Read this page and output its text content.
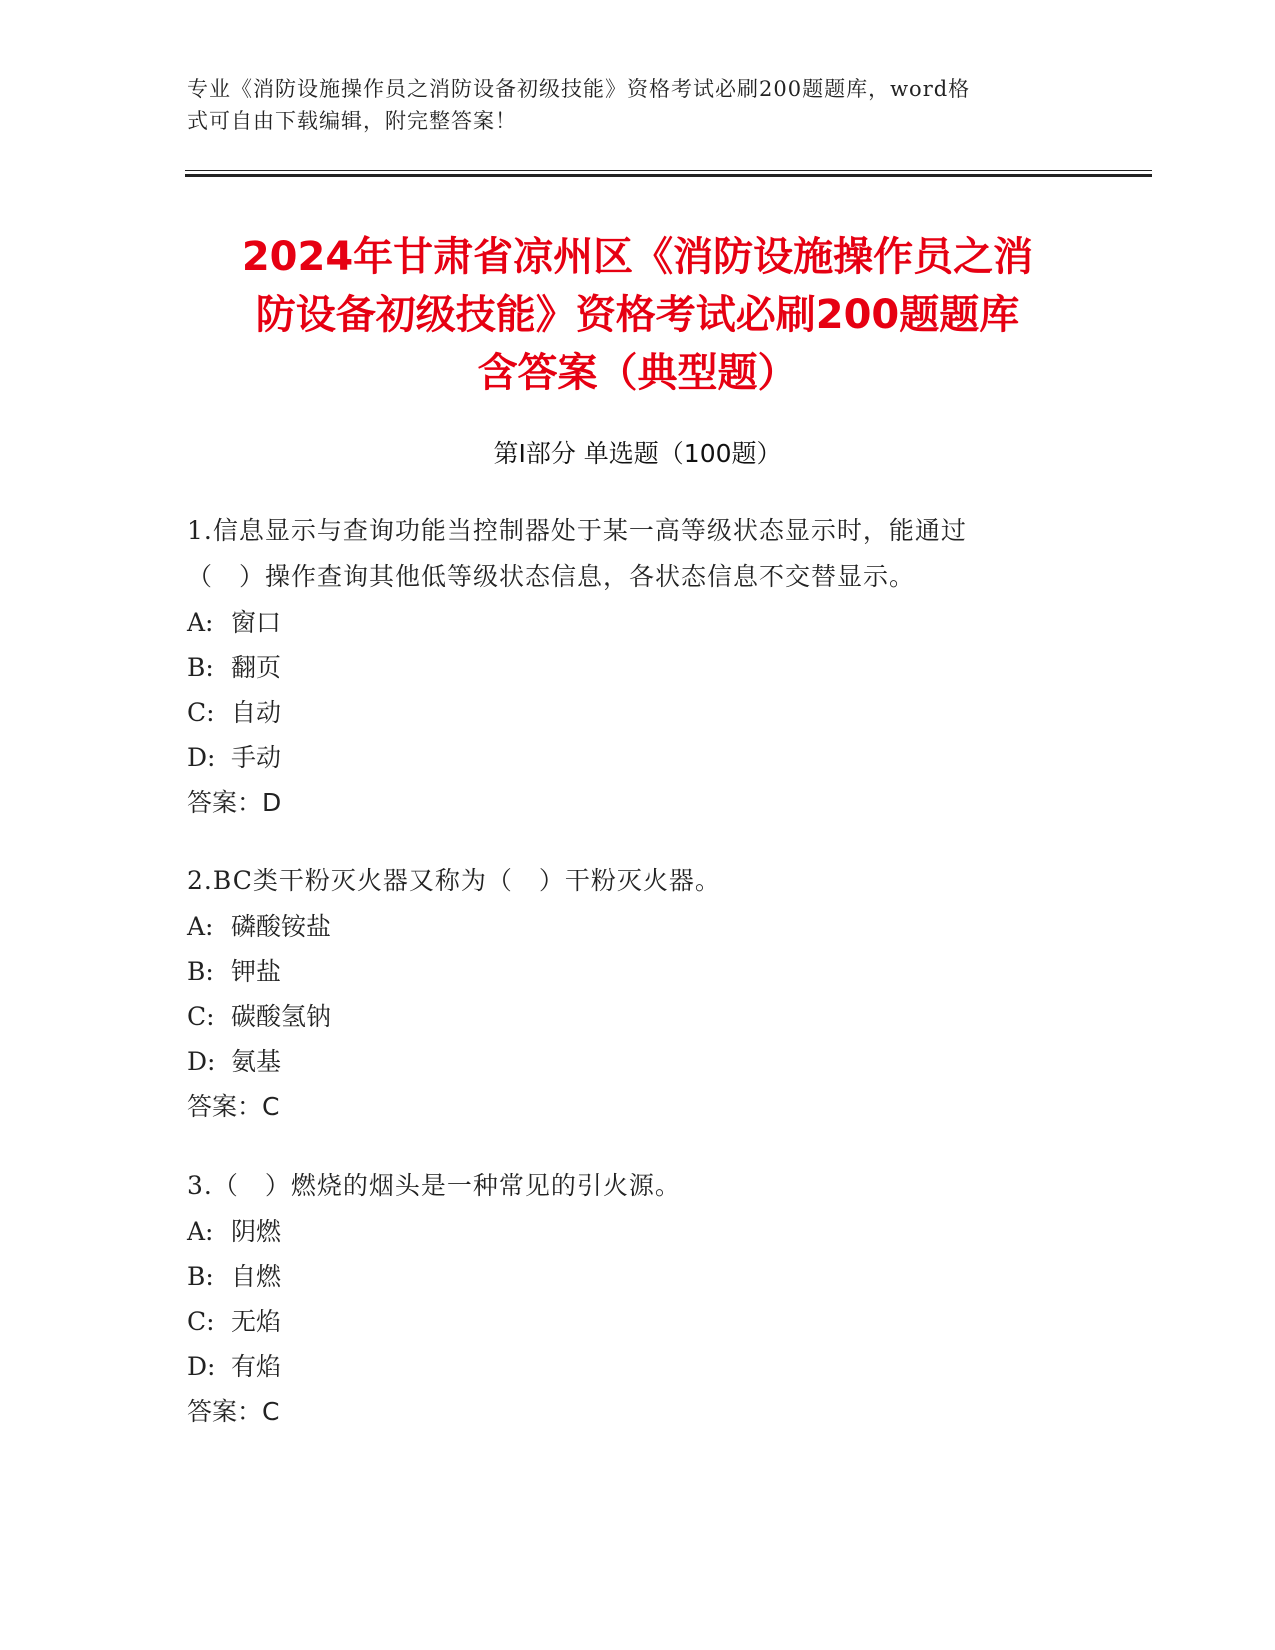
专业《消防设施操作员之消防设备初级技能》资格考试必刷200题题库，word格
式可自由下载编辑，附完整答案！
2024年甘肃省凉州区《消防设施操作员之消
防设备初级技能》资格考试必刷200题题库
含答案（典型题）
第Ⅰ部分 单选题（100题）
1.信息显示与查询功能当控制器处于某一高等级状态显示时，能通过
（　）操作查询其他低等级状态信息，各状态信息不交替显示。
A: 窗口
B: 翻页
C: 自动
D: 手动
答案：D
2.BC类干粉灭火器又称为（　）干粉灭火器。
A: 磷酸铵盐
B: 钾盐
C: 碳酸氢钠
D: 氨基
答案：C
3.（　）燃烧的烟头是一种常见的引火源。
A: 阴燃
B: 自燃
C: 无焰
D: 有焰
答案：C
